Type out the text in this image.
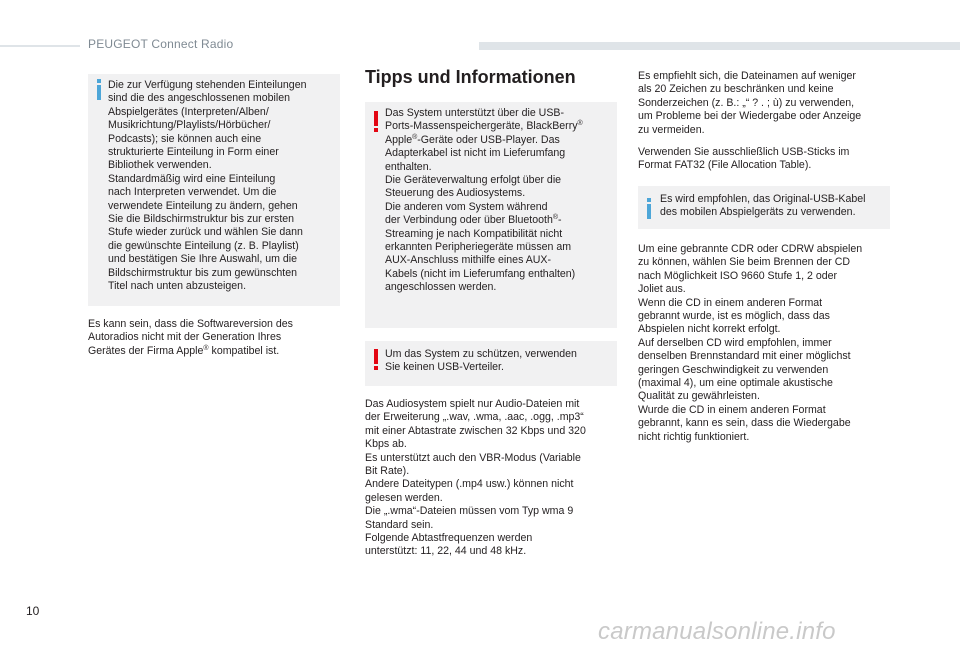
PEUGEOT Connect Radio
Die zur Verfügung stehenden Einteilungen
sind die des angeschlossenen mobilen
Abspielgerätes (Interpreten/Alben/
Musikrichtung/Playlists/Hörbücher/
Podcasts); sie können auch eine
strukturierte Einteilung in Form einer
Bibliothek verwenden.
Standardmäßig wird eine Einteilung
nach Interpreten verwendet. Um die
verwendete Einteilung zu ändern, gehen
Sie die Bildschirmstruktur bis zur ersten
Stufe wieder zurück und wählen Sie dann
die gewünschte Einteilung (z. B. Playlist)
und bestätigen Sie Ihre Auswahl, um die
Bildschirmstruktur bis zum gewünschten
Titel nach unten abzusteigen.
Es kann sein, dass die Softwareversion des
Autoradios nicht mit der Generation Ihres
Gerätes der Firma Apple® kompatibel ist.
Tipps und Informationen
Das System unterstützt über die USB-
Ports-Massenspeichergeräte, BlackBerry®
Apple®-Geräte oder USB-Player. Das
Adapterkabel ist nicht im Lieferumfang
enthalten.
Die Geräteverwaltung erfolgt über die
Steuerung des Audiosystems.
Die anderen vom System während
der Verbindung oder über Bluetooth®-
Streaming je nach Kompatibilität nicht
erkannten Peripheriegeräte müssen am
AUX-Anschluss mithilfe eines AUX-
Kabels (nicht im Lieferumfang enthalten)
angeschlossen werden.
Um das System zu schützen, verwenden
Sie keinen USB-Verteiler.
Das Audiosystem spielt nur Audio-Dateien mit
der Erweiterung „.wav, .wma, .aac, .ogg, .mp3“
mit einer Abtastrate zwischen 32 Kbps und 320
Kbps ab.
Es unterstützt auch den VBR-Modus (Variable
Bit Rate).
Andere Dateitypen (.mp4 usw.) können nicht
gelesen werden.
Die „.wma“-Dateien müssen vom Typ wma 9
Standard sein.
Folgende Abtastfrequenzen werden
unterstützt: 11, 22, 44 und 48 kHz.
Es empfiehlt sich, die Dateinamen auf weniger
als 20 Zeichen zu beschränken und keine
Sonderzeichen (z. B.: „“ ? . ; ù) zu verwenden,
um Probleme bei der Wiedergabe oder Anzeige
zu vermeiden.
Verwenden Sie ausschließlich USB-Sticks im
Format FAT32 (File Allocation Table).
Es wird empfohlen, das Original-USB-Kabel
des mobilen Abspielgeräts zu verwenden.
Um eine gebrannte CDR oder CDRW abspielen
zu können, wählen Sie beim Brennen der CD
nach Möglichkeit ISO 9660 Stufe 1, 2 oder
Joliet aus.
Wenn die CD in einem anderen Format
gebrannt wurde, ist es möglich, dass das
Abspielen nicht korrekt erfolgt.
Auf derselben CD wird empfohlen, immer
denselben Brennstandard mit einer möglichst
geringen Geschwindigkeit zu verwenden
(maximal 4), um eine optimale akustische
Qualität zu gewährleisten.
Wurde die CD in einem anderen Format
gebrannt, kann es sein, dass die Wiedergabe
nicht richtig funktioniert.
10
carmanualsonline.info
